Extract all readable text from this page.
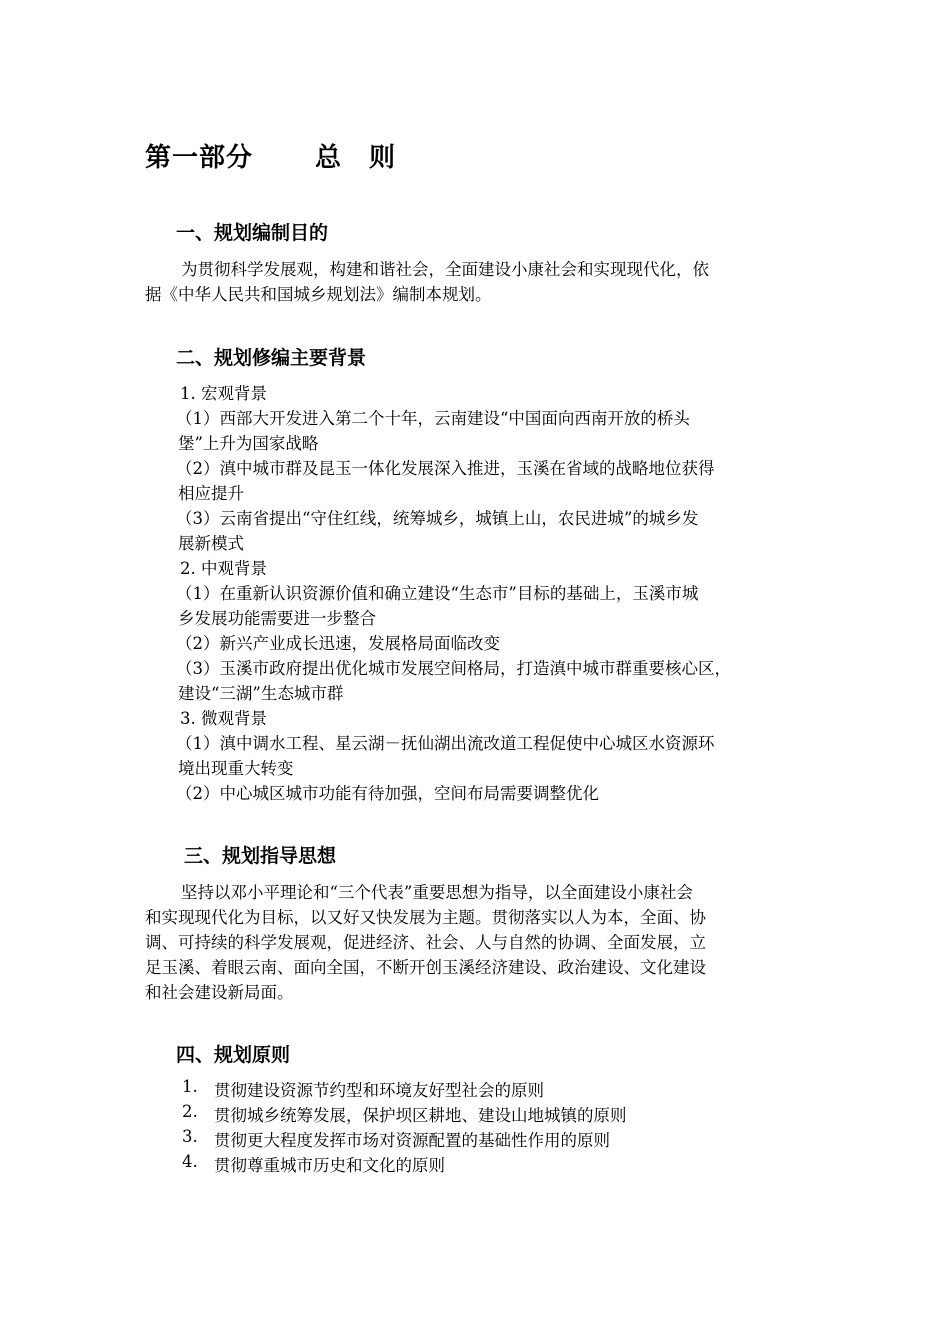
第一部分 总　则
一、规划编制目的
为贯彻科学发展观，构建和谐社会，全面建设小康社会和实现现代化，依
据《中华人民共和国城乡规划法》编制本规划。
二、规划修编主要背景
1. 宏观背景
（1）西部大开发进入第二个十年，云南建设“中国面向西南开放的桥头
堡”上升为国家战略
（2）滇中城市群及昆玉一体化发展深入推进，玉溪在省域的战略地位获得
相应提升
（3）云南省提出“守住红线，统筹城乡，城镇上山，农民进城”的城乡发
展新模式
2. 中观背景
（1）在重新认识资源价值和确立建设“生态市”目标的基础上，玉溪市城
乡发展功能需要进一步整合
（2）新兴产业成长迅速，发展格局面临改变
（3）玉溪市政府提出优化城市发展空间格局，打造滇中城市群重要核心区，
建设“三湖”生态城市群
3. 微观背景
（1）滇中调水工程、星云湖－抚仙湖出流改道工程促使中心城区水资源环
境出现重大转变
（2）中心城区城市功能有待加强，空间布局需要调整优化
三、规划指导思想
坚持以邓小平理论和“三个代表”重要思想为指导，以全面建设小康社会
和实现现代化为目标，以又好又快发展为主题。贯彻落实以人为本，全面、协
调、可持续的科学发展观，促进经济、社会、人与自然的协调、全面发展，立
足玉溪、着眼云南、面向全国，不断开创玉溪经济建设、政治建设、文化建设
和社会建设新局面。
四、规划原则
1. 贯彻建设资源节约型和环境友好型社会的原则
2. 贯彻城乡统筹发展，保护坝区耕地、建设山地城镇的原则
3. 贯彻更大程度发挥市场对资源配置的基础性作用的原则
4. 贯彻尊重城市历史和文化的原则
